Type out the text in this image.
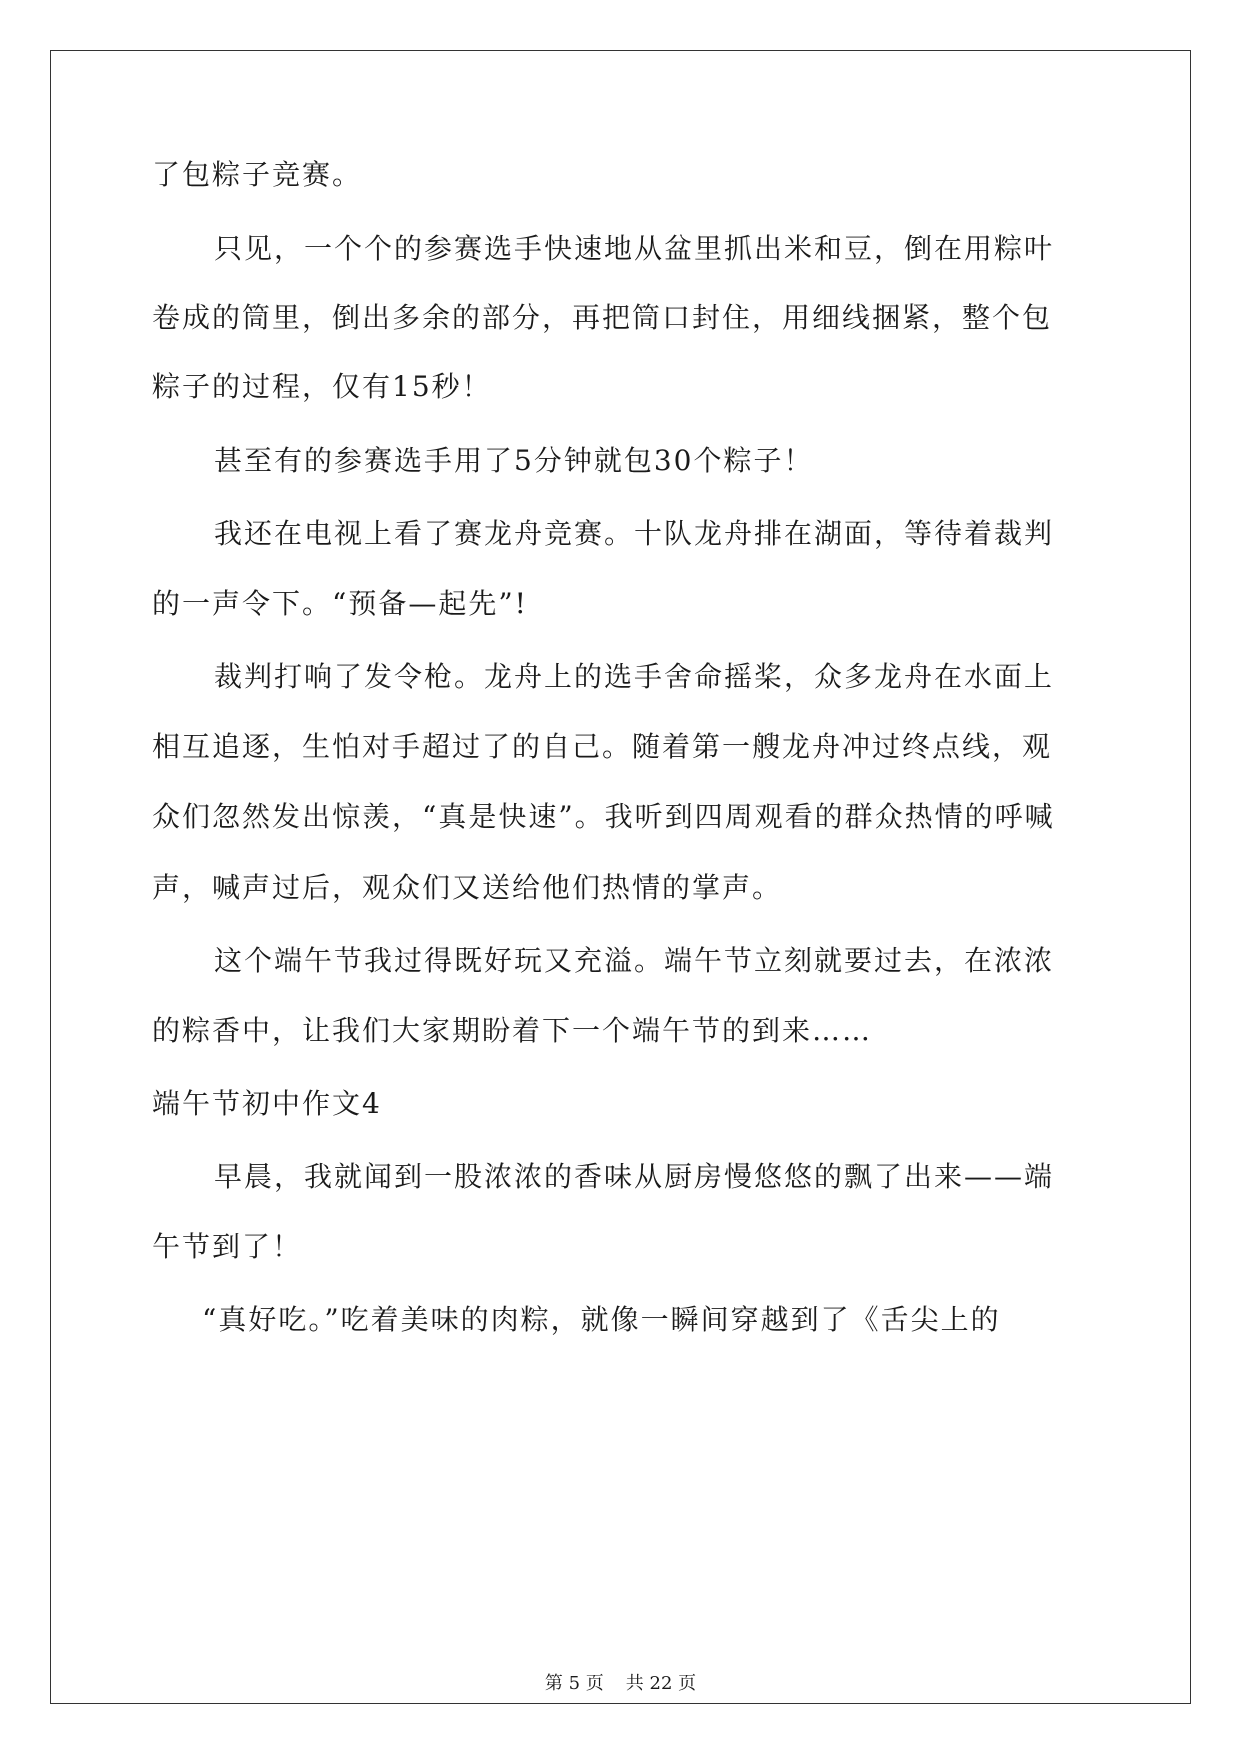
了包粽子竞赛。
只见，一个个的参赛选手快速地从盆里抓出米和豆，倒在用粽叶
卷成的筒里，倒出多余的部分，再把筒口封住，用细线捆紧，整个包
粽子的过程，仅有15秒！
甚至有的参赛选手用了5分钟就包30个粽子！
我还在电视上看了赛龙舟竞赛。十队龙舟排在湖面，等待着裁判
的一声令下。“预备—起先”!
裁判打响了发令枪。龙舟上的选手舍命摇桨，众多龙舟在水面上
相互追逐，生怕对手超过了的自己。随着第一艘龙舟冲过终点线，观
众们忽然发出惊羡，“真是快速”。我听到四周观看的群众热情的呼喊
声，喊声过后，观众们又送给他们热情的掌声。
这个端午节我过得既好玩又充溢。端午节立刻就要过去，在浓浓
的粽香中，让我们大家期盼着下一个端午节的到来……
端午节初中作文4
早晨，我就闻到一股浓浓的香味从厨房慢悠悠的飘了出来——端
午节到了！
“真好吃。”吃着美味的肉粽，就像一瞬间穿越到了《舌尖上的
第 5 页 共 22 页
